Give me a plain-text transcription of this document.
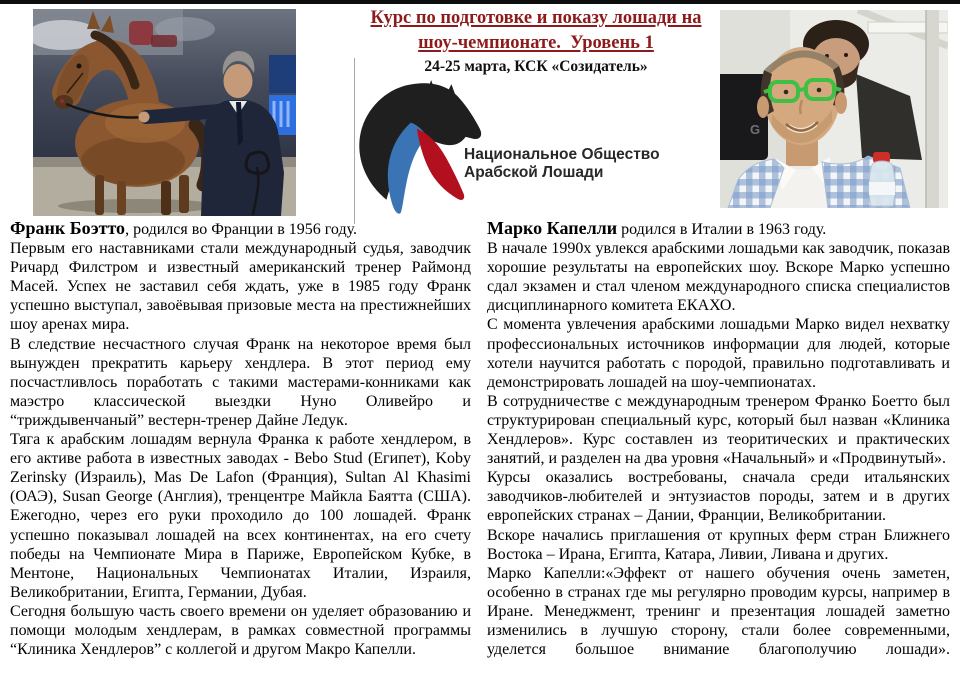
Курс по подготовке и показу лошади на
шоу-чемпионате.  Уровень 1
24-25 марта, КСК «Созидатель»
Национальное Общество
Арабской Лошади
G

Франк Боэтто, родился во Франции в 1956 году.

Первым его наставниками стали международный судья, заводчик Ричард Филстром и известный американский тренер Раймонд Масей. Успех не заставил себя ждать, уже в 1985 году Франк успешно выступал, завоёвывая призовые места на престижнейших шоу аренах мира.

В следствие несчастного случая Франк на некоторое время был вынужден прекратить карьеру хендлера. В этот период ему посчастливлось поработать с такими мастерами-конниками как маэстро классической выездки Нуно Оливейро и “триждывенчаный” вестерн-тренер Дайне Ледук.

Тяга к арабским лошадям вернула Франка к работе хендлером, в его активе работа в известных заводах - Bebo Stud (Египет), Koby Zerinsky (Израиль), Mas De Lafon (Франция), Sultan Al Khasimi (ОАЭ), Susan George (Англия), тренцентре Майкла Баятта (США). Ежегодно, через его руки проходило до 100 лошадей. Франк успешно показывал лошадей на всех континентах, на его счету победы на Чемпионате Мира в Париже, Европейском Кубке, в Ментоне, Национальных Чемпионатах Италии, Израиля, Великобритании, Египта, Германии, Дубая.

Сегодня большую часть своего времени он уделяет образованию и помощи молодым хендлерам, в рамках совместной программы “Клиника Хендлеров” с коллегой и другом Макро Капелли.

Марко Капелли родился в Италии в 1963 году.

В начале 1990х увлекся арабскими лошадьми как заводчик, показав хорошие результаты на европейских шоу. Вскоре Марко успешно сдал экзамен и стал членом международного списка специалистов дисциплинарного комитета ЕКАХО.

С момента увлечения арабскими лошадьми Марко видел нехватку профессиональных источников информации для людей, которые хотели научится работать с породой, правильно подготавливать и демонстрировать лошадей на шоу-чемпионатах.

В сотрудничестве с международным тренером Франко Боетто был структурирован специальный курс, который был назван «Клиника Хендлеров». Курс составлен из теоритических и практических занятий, и разделен на два уровня «Начальный» и «Продвинутый».

Курсы оказались востребованы, сначала среди итальянских заводчиков-любителей и энтузиастов породы, затем и в других европейских странах – Дании, Франции, Великобритании.

Вскоре начались приглашения от крупных ферм стран Ближнего Востока – Ирана, Египта, Катара, Ливии, Ливана и других.

Марко Капелли:«Эффект от нашего обучения очень заметен, особенно в странах где мы регулярно проводим курсы, например в Иране. Менеджмент, тренинг и презентация лошадей заметно изменились в лучшую сторону, стали более современными, уделется большое внимание благополучию лошади».
